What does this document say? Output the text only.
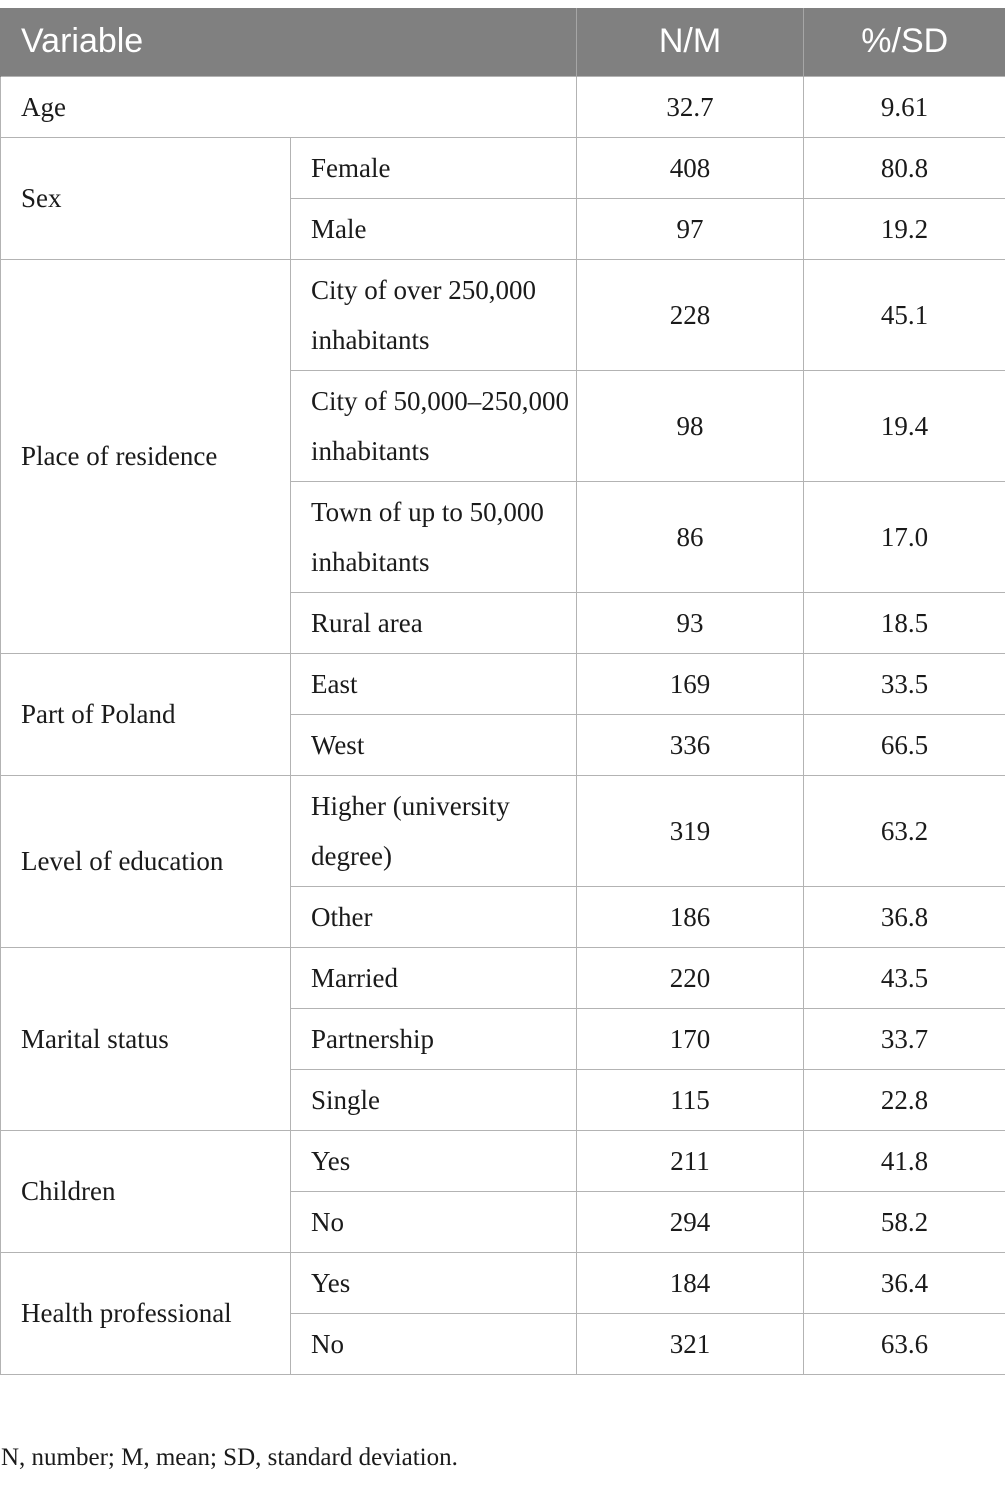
Variable		N/M	%/SD
Age		32.7	9.61
Sex	Female	408	80.8
	Male	97	19.2
Place of residence	City of over 250,000 inhabitants	228	45.1
	City of 50,000–250,000 inhabitants	98	19.4
	Town of up to 50,000 inhabitants	86	17.0
	Rural area	93	18.5
Part of Poland	East	169	33.5
	West	336	66.5
Level of education	Higher (university degree)	319	63.2
	Other	186	36.8
Marital status	Married	220	43.5
	Partnership	170	33.7
	Single	115	22.8
Children	Yes	211	41.8
	No	294	58.2
Health professional	Yes	184	36.4
	No	321	63.6
N, number; M, mean; SD, standard deviation.
